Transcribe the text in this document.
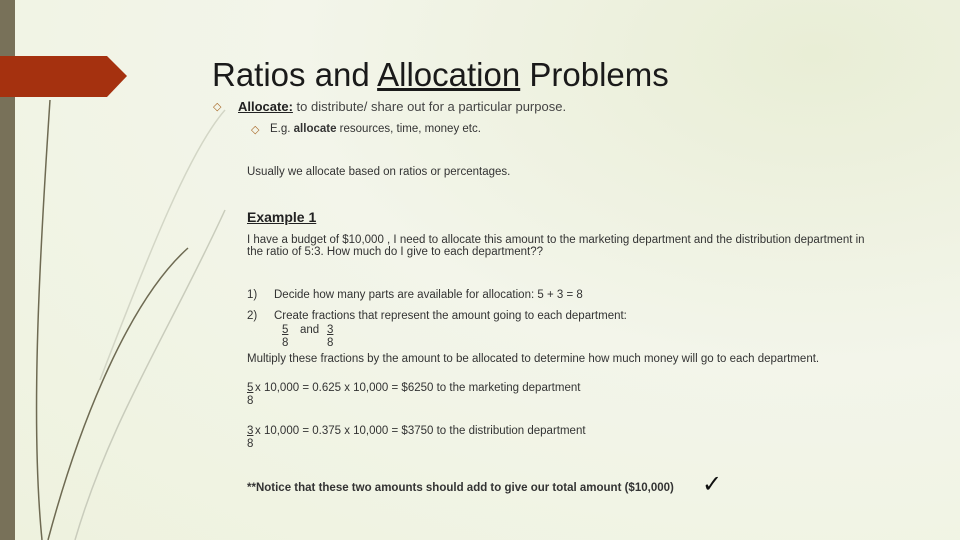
Ratios and Allocation Problems
◇ Allocate: to distribute/ share out for a particular purpose.
◇ E.g. allocate resources, time, money etc.
Usually we allocate based on ratios or percentages.
Example 1
I have a budget of $10,000 , I need to allocate this amount to the marketing department and the distribution department in
the ratio of 5:3. How much do I give to each department??
1) Decide how many parts are available for allocation: 5 + 3 = 8
2) Create fractions that represent the amount going to each department:
$\frac{5}{8}$ and $\frac{3}{8}$
Multiply these fractions by the amount to be allocated to determine how much money will go to each department.
$\frac{5}{8}$ x 10,000 = 0.625 x 10,000 = $6250 to the marketing department
$\frac{3}{8}$ x 10,000 = 0.375 x 10,000 = $3750 to the distribution department
**Notice that these two amounts should add to give our total amount ($10,000) ✓
